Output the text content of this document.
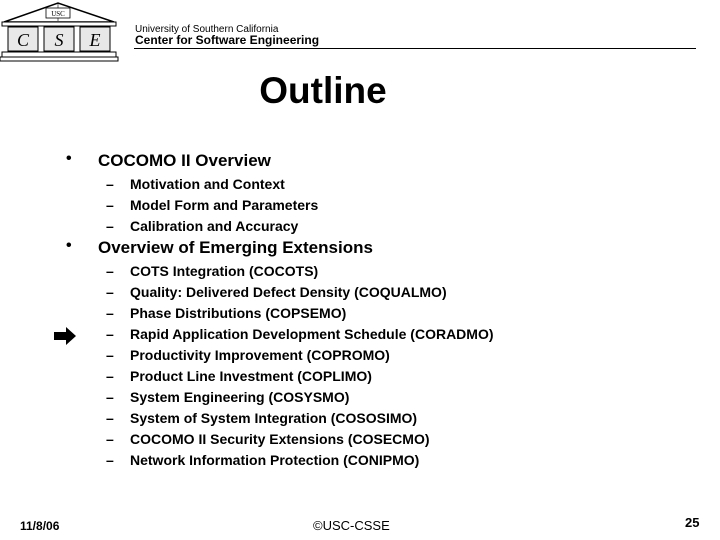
USC
C S E
University of Southern California
Center for Software Engineering
Outline
• COCOMO II Overview
– Motivation and Context
– Model Form and Parameters
– Calibration and Accuracy
• Overview of Emerging Extensions
– COTS Integration (COCOTS)
– Quality: Delivered Defect Density (COQUALMO)
– Phase Distributions (COPSEMO)
– Rapid Application Development Schedule (CORADMO)
– Productivity Improvement (COPROMO)
– Product Line Investment (COPLIMO)
– System Engineering (COSYSMO)
– System of System Integration (COSOSIMO)
– COCOMO II Security Extensions (COSECMO)
– Network Information Protection (CONIPMO)
11/8/06	©USC-CSSE	25
